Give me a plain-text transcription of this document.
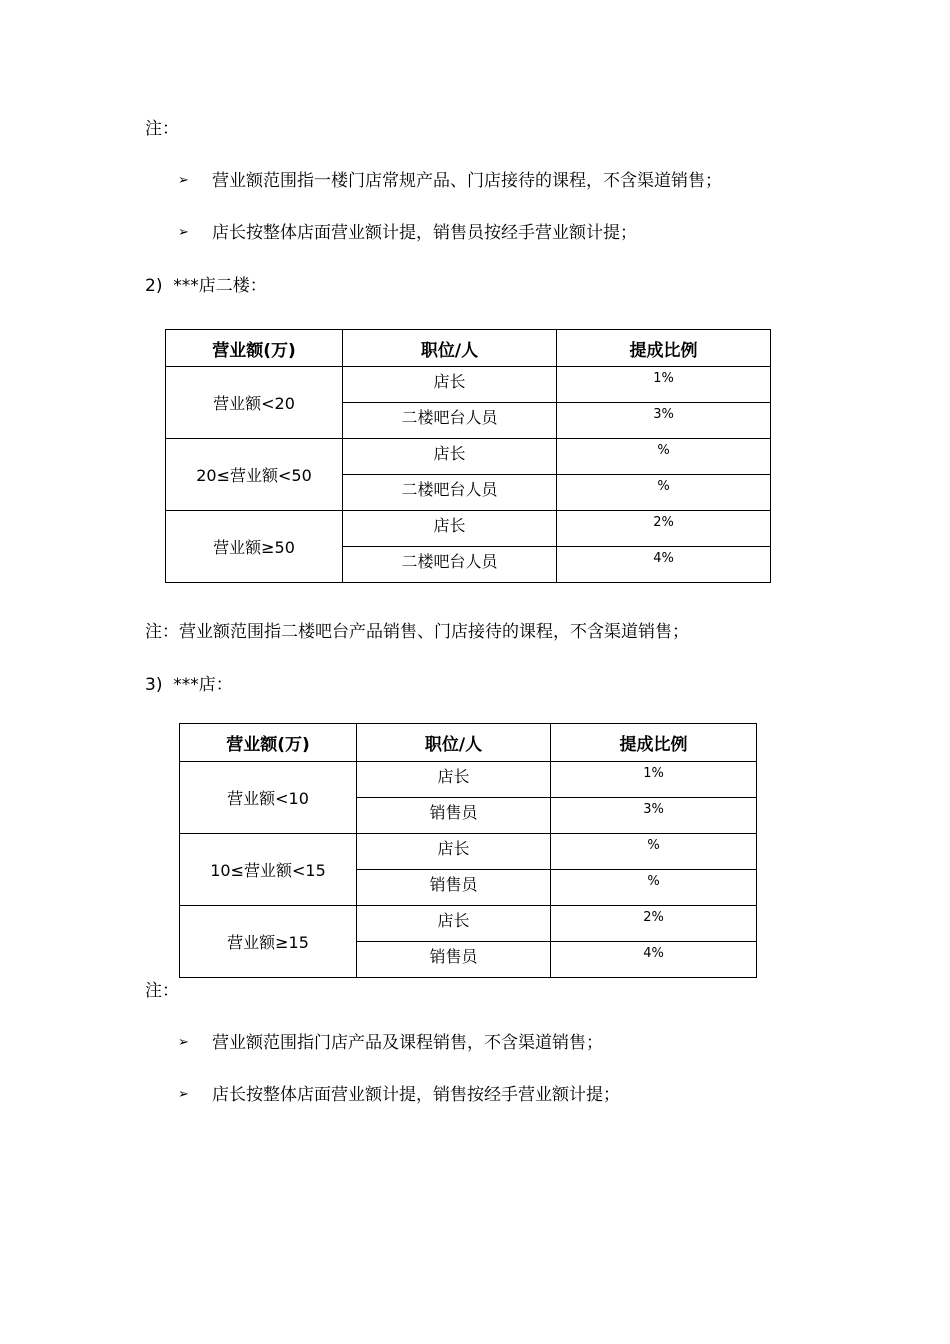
注：
➢ 营业额范围指一楼门店常规产品、门店接待的课程，不含渠道销售；
➢ 店长按整体店面营业额计提，销售员按经手营业额计提；
2)  ***店二楼：
营业额(万)	职位/人	提成比例
营业额<20	店长	1%
	二楼吧台人员	3%
20≤营业额<50	店长	%
	二楼吧台人员	%
营业额≥50	店长	2%
	二楼吧台人员	4%
注：营业额范围指二楼吧台产品销售、门店接待的课程，不含渠道销售；
3)  ***店：
营业额(万)	职位/人	提成比例
营业额<10	店长	1%
	销售员	3%
10≤营业额<15	店长	%
	销售员	%
营业额≥15	店长	2%
	销售员	4%
注：
➢ 营业额范围指门店产品及课程销售，不含渠道销售；
➢ 店长按整体店面营业额计提，销售按经手营业额计提；
